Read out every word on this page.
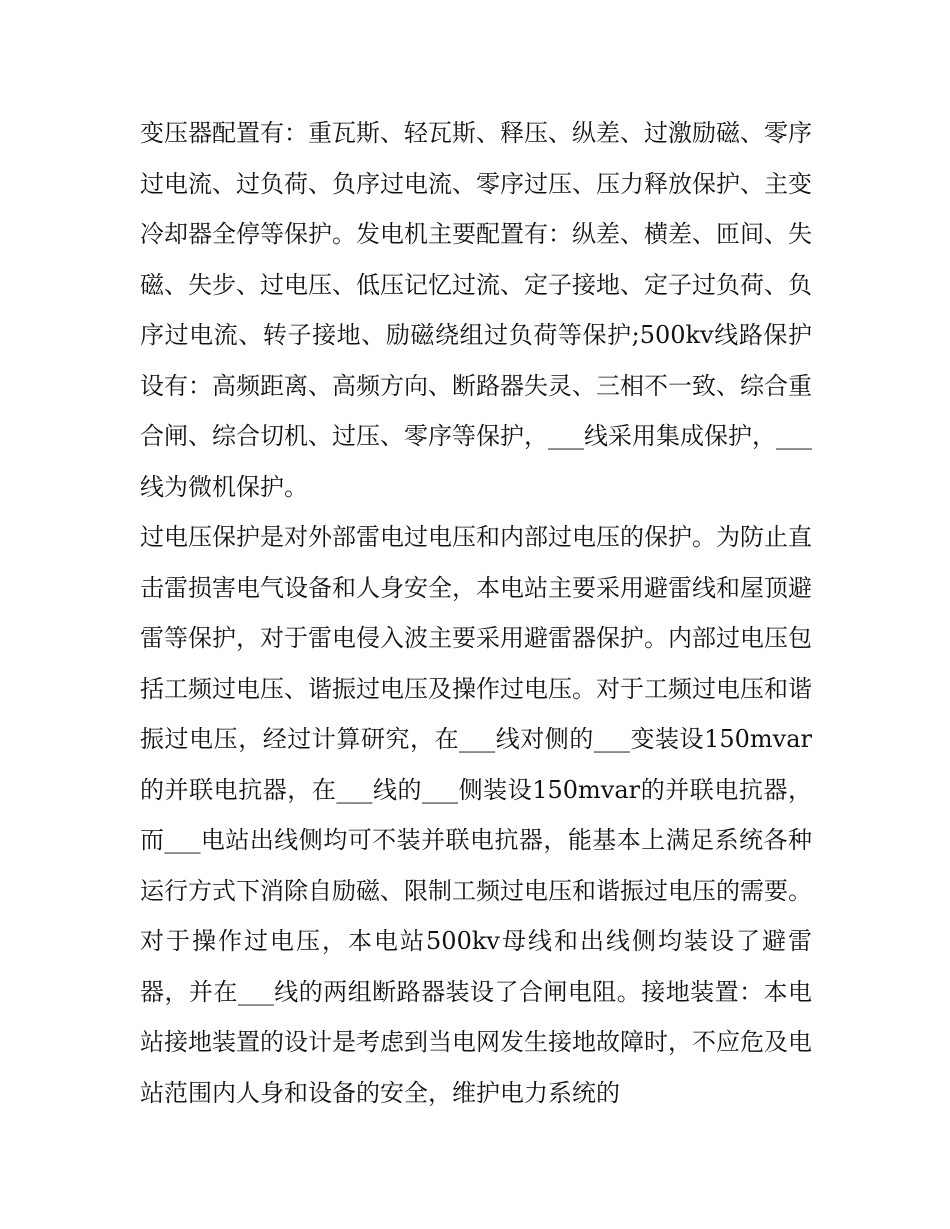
变压器配置有：重瓦斯、轻瓦斯、释压、纵差、过激励磁、零序过电流、过负荷、负序过电流、零序过压、压力释放保护、主变冷却器全停等保护。发电机主要配置有：纵差、横差、匝间、失磁、失步、过电压、低压记忆过流、定子接地、定子过负荷、负序过电流、转子接地、励磁绕组过负荷等保护;500kv线路保护设有：高频距离、高频方向、断路器失灵、三相不一致、综合重合闸、综合切机、过压、零序等保护，___线采用集成保护，___线为微机保护。

过电压保护是对外部雷电过电压和内部过电压的保护。为防止直击雷损害电气设备和人身安全，本电站主要采用避雷线和屋顶避雷等保护，对于雷电侵入波主要采用避雷器保护。内部过电压包括工频过电压、谐振过电压及操作过电压。对于工频过电压和谐振过电压，经过计算研究，在___线对侧的___变装设150mvar的并联电抗器，在___线的___侧装设150mvar的并联电抗器，而___电站出线侧均可不装并联电抗器，能基本上满足系统各种运行方式下消除自励磁、限制工频过电压和谐振过电压的需要。对于操作过电压，本电站500kv母线和出线侧均装设了避雷器，并在___线的两组断路器装设了合闸电阻。接地装置：本电站接地装置的设计是考虑到当电网发生接地故障时，不应危及电站范围内人身和设备的安全，维护电力系统的
